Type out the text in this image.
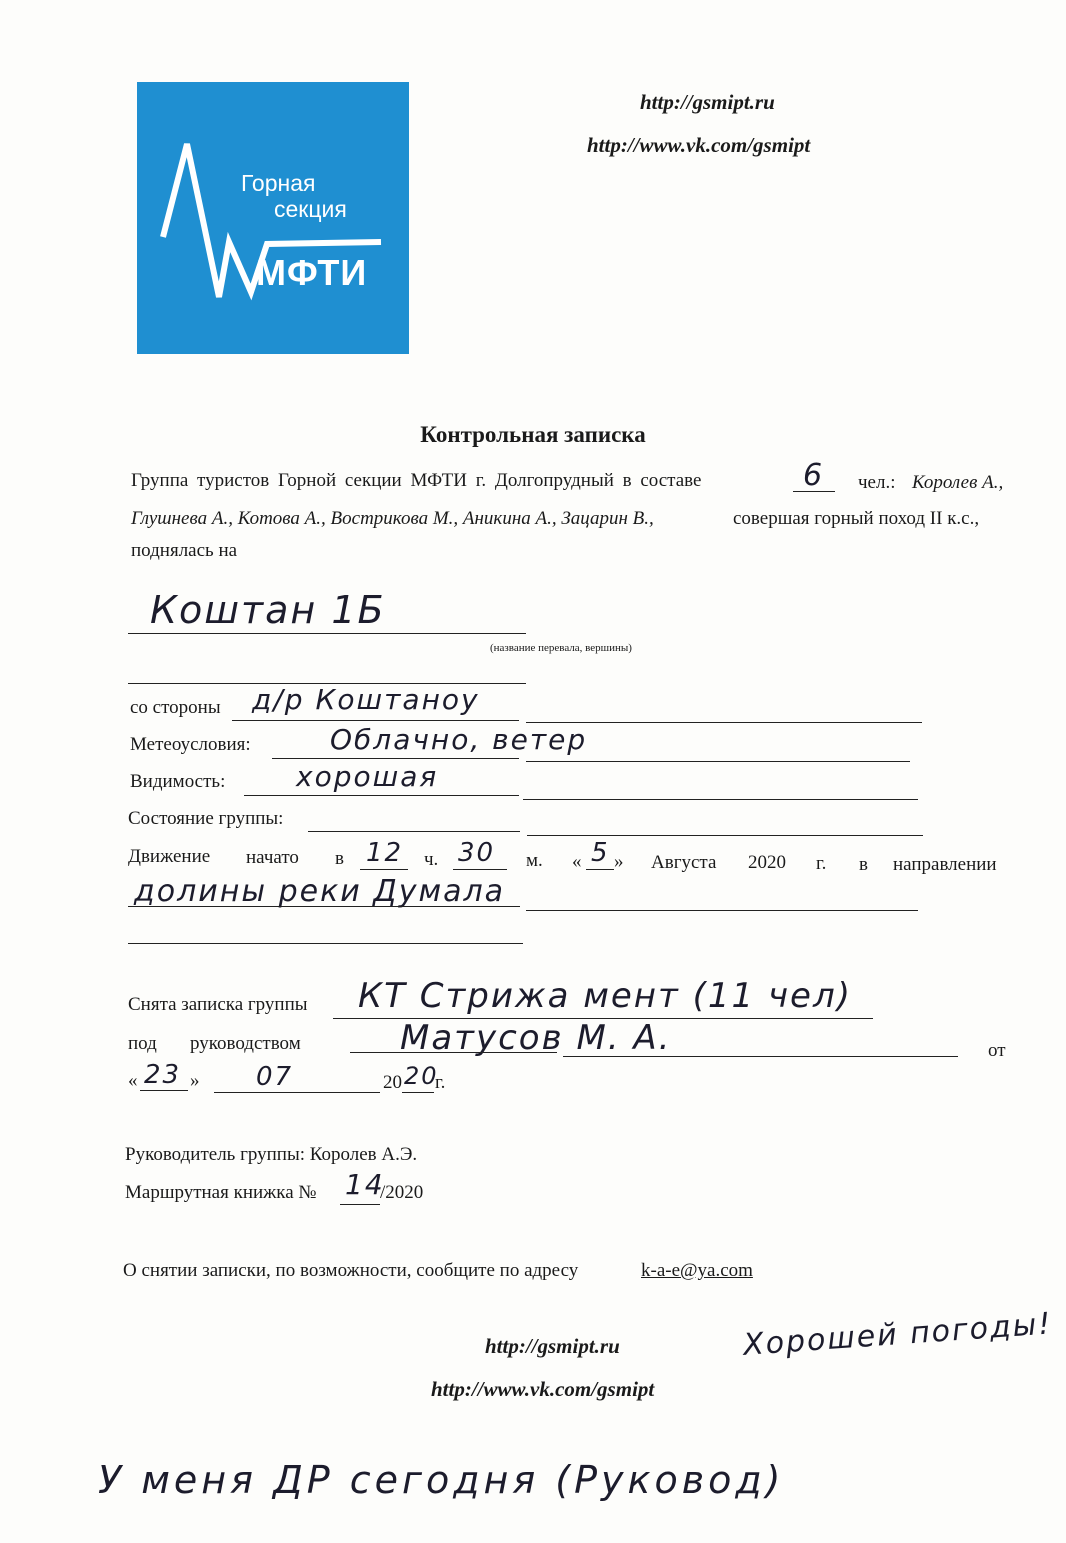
Горная
секция
МФТИ
http://gsmipt.ru
http://www.vk.com/gsmipt
Контрольная записка
Группа туристов Горной секции МФТИ г. Долгопрудный в составе	6 чел.: Королев А.,
Глушнева А., Котова А., Вострикова М., Аникина А., Зацарин В.,	совершая горный поход II к.с.,
поднялась на
Коштан 1Б
(название перевала, вершины)
со стороны д/р Коштаноу
Метеоусловия:	Облачно, ветер
Видимость:	хорошая
Состояние группы:
Движение начато в 12 ч. 30 м. « 5 » Августа 2020 г. в направлении
долины реки Думала
Снята записка группы КТ Стрижа мент (11 чел)
под руководством	Матусов М. А.	от
« 23 » 07	20 20
г.
Руководитель группы: Королев А.Э.
Маршрутная книжка № 14
/2020
О снятии записки, по возможности, сообщите по адресу	k-a-e@ya.com
http://gsmipt.ru
http://www.vk.com/gsmipt
Хорошей погоды!
У меня ДР сегодня (Руковод)
